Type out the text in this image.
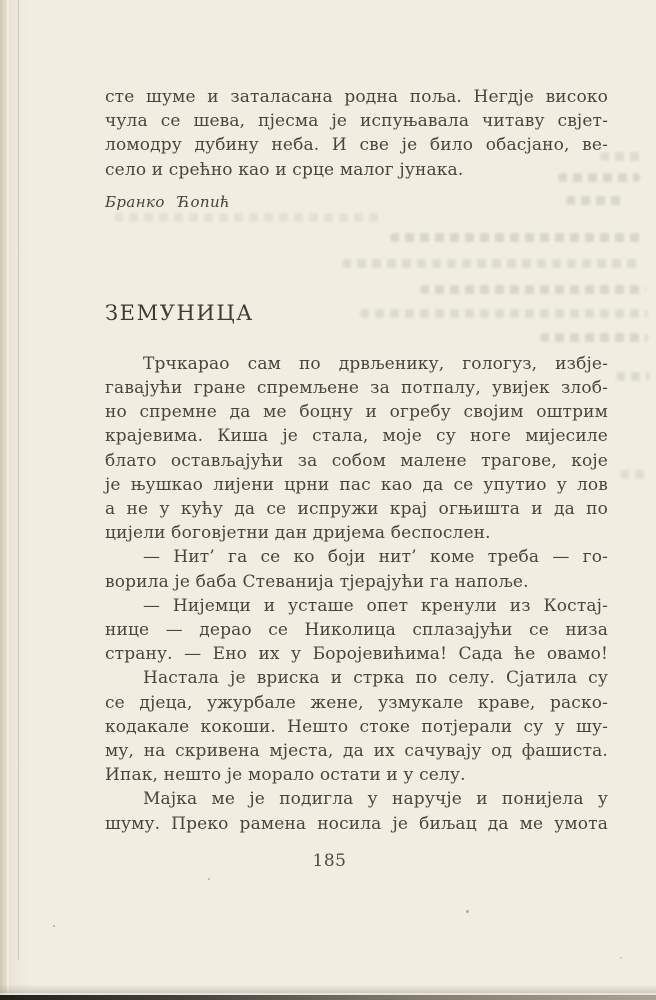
сте шуме и заталасана родна поља. Негдје високо
чула се шева, пјесма је испуњавала читаву свјет-
ломодру дубину неба. И све је било обасјано, ве-
село и срећно као и срце малог јунака.
Бранко Ћопић
ЗЕМУНИЦА
Трчкарао сам по дрвљенику, гологуз, избје-
гавајући гране спремљене за потпалу, увијек злоб-
но спремне да ме боцну и огребу својим оштрим
крајевима. Киша је стала, моје су ноге мијесиле
блато остављајући за собом малене трагове, које
је њушкао лијени црни пас као да се упутио у лов
а не у кућу да се испружи крај огњишта и да по
цијели боговјетни дан дријема беспослен.
— Нит’ га се ко боји нит’ коме треба — го-
ворила је баба Стеванија тјерајући га напоље.
— Нијемци и усташе опет кренули из Костај-
нице — дерао се Николица сплазајући се низа
страну. — Ено их у Боројевићима! Сада ће овамо!
Настала је вриска и стрка по селу. Сјатила су
се дјеца, ужурбале жене, узмукале краве, раско-
кодакале кокоши. Нешто стоке потјерали су у шу-
му, на скривена мјеста, да их сачувају од фашиста.
Ипак, нешто је морало остати и у селу.
Мајка ме је подигла у наручје и понијела у
шуму. Преко рамена носила је биљац да ме умота
185
